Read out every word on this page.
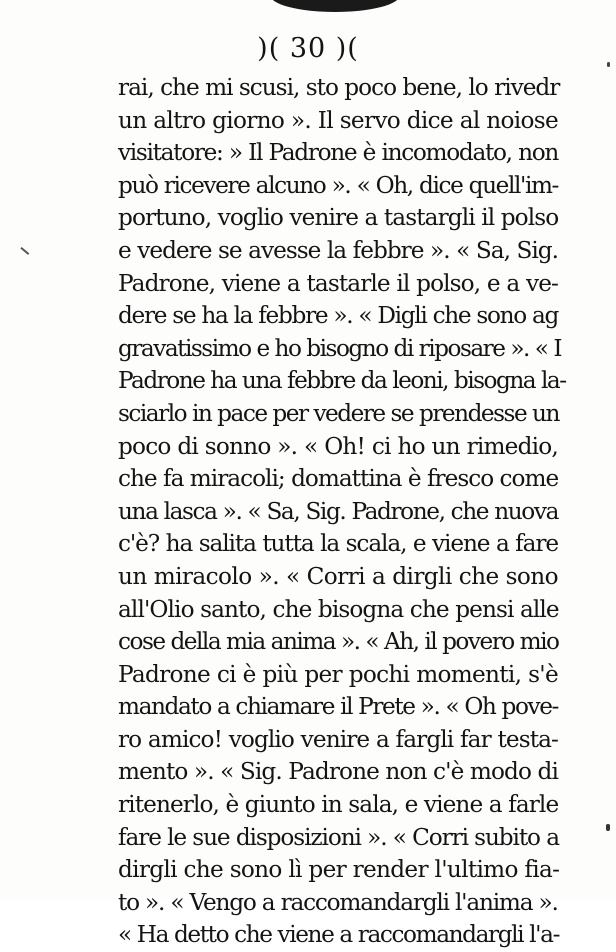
)( 30 )(
rai, che mi scusi, sto poco bene, lo rivedr
un altro giorno ». Il servo dice al noiose
visitatore: » Il Padrone è incomodato, non
può ricevere alcuno ». « Oh, dice quell'im-
portuno, voglio venire a tastargli il polso
e vedere se avesse la febbre ». « Sa, Sig.
Padrone, viene a tastarle il polso, e a ve-
dere se ha la febbre ». « Digli che sono ag
gravatissimo e ho bisogno di riposare ». « I
Padrone ha una febbre da leoni, bisogna la-
sciarlo in pace per vedere se prendesse un
poco di sonno ». « Oh! ci ho un rimedio,
che fa miracoli; domattina è fresco come
una lasca ». « Sa, Sig. Padrone, che nuova
c'è? ha salita tutta la scala, e viene a fare
un miracolo ». « Corri a dirgli che sono
all'Olio santo, che bisogna che pensi alle
cose della mia anima ». « Ah, il povero mio
Padrone ci è più per pochi momenti, s'è
mandato a chiamare il Prete ». « Oh pove-
ro amico! voglio venire a fargli far testa-
mento ». « Sig. Padrone non c'è modo di
ritenerlo, è giunto in sala, e viene a farle
fare le sue disposizioni ». « Corri subito a
dirgli che sono lì per render l'ultimo fia-
to ». « Vengo a raccomandargli l'anima ».
« Ha detto che viene a raccomandargli l'a-
